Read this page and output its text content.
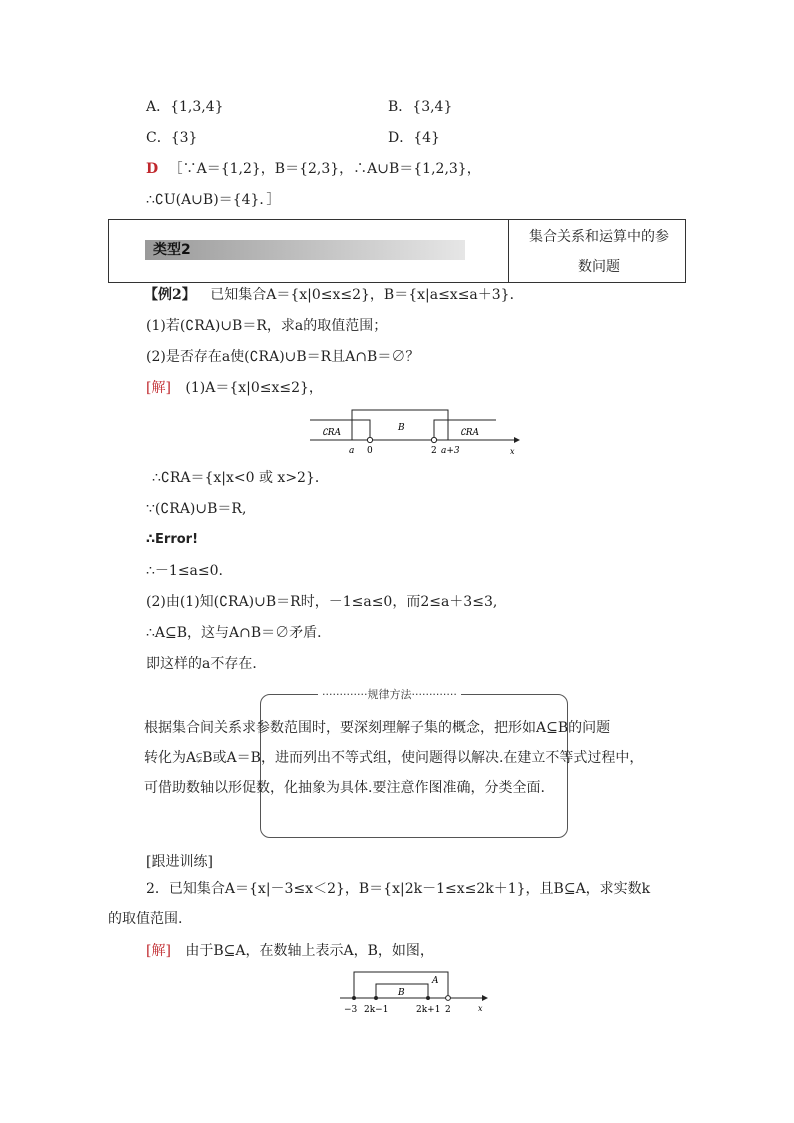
A．{1,3,4}	B．{3,4}
C．{3}	D．{4}
D ［∵A＝{1,2}，B＝{2,3}，∴A∪B＝{1,2,3}，
∴∁U(A∪B)＝{4}．］
类型2
集合关系和运算中的参
数问题
【例2】 已知集合A＝{x|0≤x≤2}，B＝{x|a≤x≤a＋3}．
(1)若(∁RA)∪B＝R，求a的取值范围；
(2)是否存在a使(∁RA)∪B＝R且A∩B＝∅？
[解] (1)A＝{x|0≤x≤2}，
∁RA	B	∁RA
a 0	2 a+3	x
∴∁RA＝{x|x<0 或 x>2}．
∵(∁RA)∪B＝R,
∴Error!
∴－1≤a≤0.
(2)由(1)知(∁RA)∪B＝R时，－1≤a≤0，而2≤a＋3≤3,
∴A⊆B，这与A∩B＝∅矛盾．
即这样的a不存在．
·············规律方法·············
根据集合间关系求参数范围时，要深刻理解子集的概念，把形如A⊆B的问题
转化为A⫋B或A＝B，进而列出不等式组，使问题得以解决.在建立不等式过程中，
可借助数轴以形促数，化抽象为具体.要注意作图准确，分类全面.
[跟进训练]
2．已知集合A＝{x|－3≤x＜2}，B＝{x|2k－1≤x≤2k＋1}，且B⊆A，求实数k
的取值范围.
[解] 由于B⊆A，在数轴上表示A，B，如图，
A
B
−3 2k−1	2k+1 2	x
